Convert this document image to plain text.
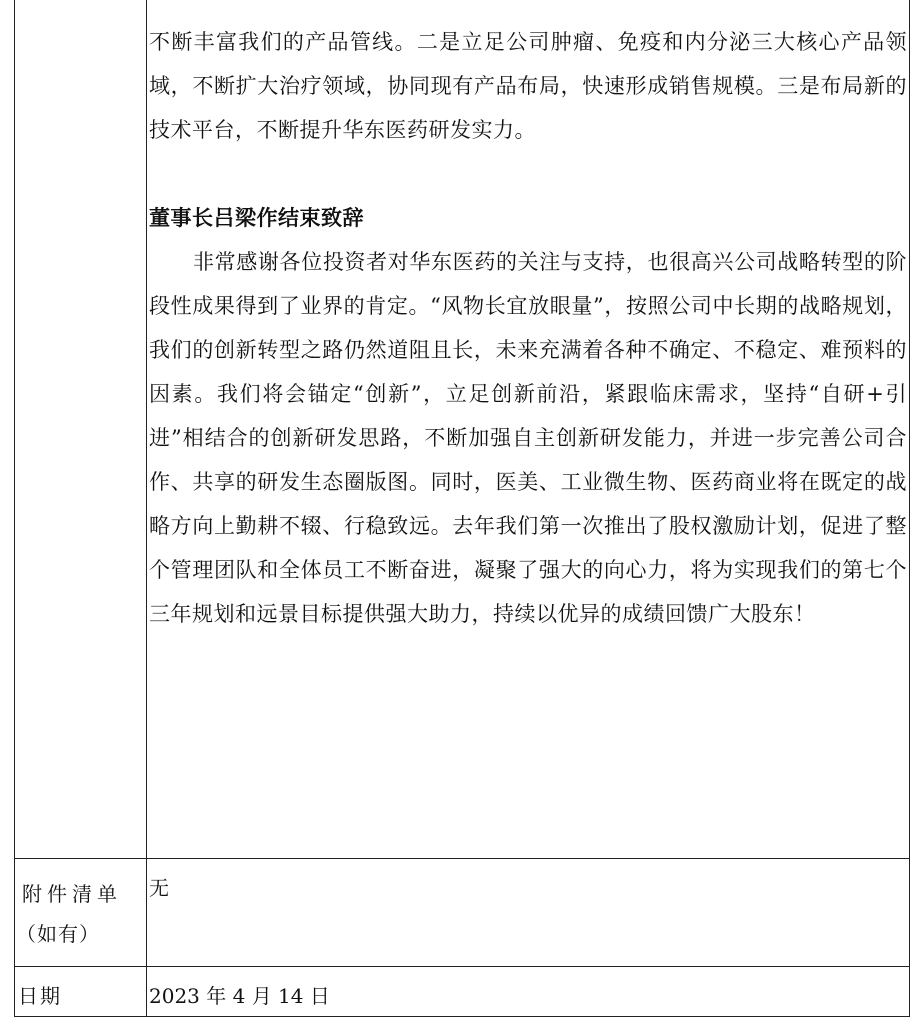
不断丰富我们的产品管线。二是立足公司肿瘤、免疫和内分泌三大核心产品领域，不断扩大治疗领域，协同现有产品布局，快速形成销售规模。三是布局新的技术平台，不断提升华东医药研发实力。

董事长吕梁作结束致辞

非常感谢各位投资者对华东医药的关注与支持，也很高兴公司战略转型的阶段性成果得到了业界的肯定。“风物长宜放眼量”，按照公司中长期的战略规划，我们的创新转型之路仍然道阻且长，未来充满着各种不确定、不稳定、难预料的因素。我们将会锚定“创新”，立足创新前沿，紧跟临床需求，坚持“自研+引进”相结合的创新研发思路，不断加强自主创新研发能力，并进一步完善公司合作、共享的研发生态圈版图。同时，医美、工业微生物、医药商业将在既定的战略方向上勤耕不辍、行稳致远。去年我们第一次推出了股权激励计划，促进了整个管理团队和全体员工不断奋进，凝聚了强大的向心力，将为实现我们的第七个三年规划和远景目标提供强大助力，持续以优异的成绩回馈广大股东！

附件清单
（如有）
无
日期	2023 年 4 月 14 日
